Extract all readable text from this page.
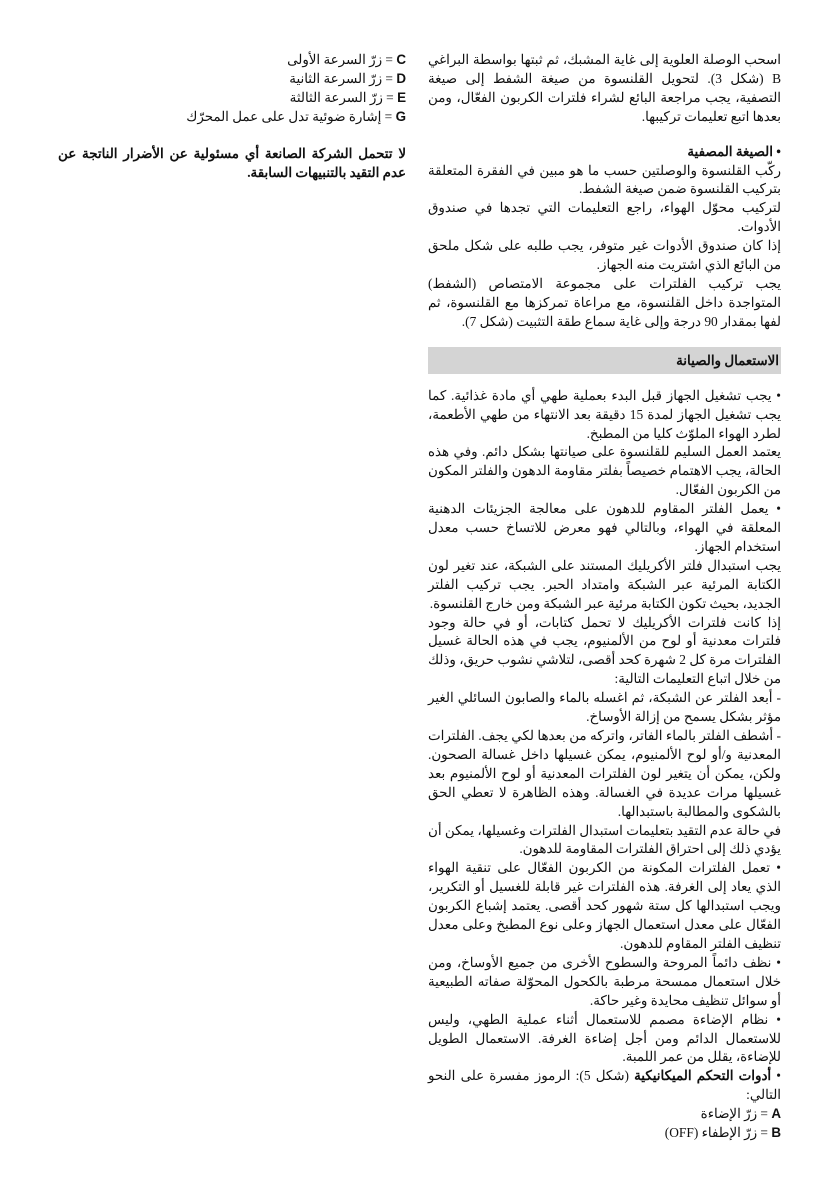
اسحب الوصلة العلوية إلى غاية المشبك، ثم ثبتها بواسطة البراغي B (شكل 3). لتحويل القلنسوة من صيغة الشفط إلى صيغة التصفية، يجب مراجعة البائع لشراء فلترات الكربون الفعّال، ومن بعدها اتبع تعليمات تركيبها.

• الصيغة المصفية

ركّب القلنسوة والوصلتين حسب ما هو مبين في الفقرة المتعلقة بتركيب القلنسوة ضمن صيغة الشفط.

لتركيب محوّل الهواء، راجع التعليمات التي تجدها في صندوق الأدوات.

إذا كان صندوق الأدوات غير متوفر، يجب طلبه على شكل ملحق من البائع الذي اشتريت منه الجهاز.

يجب تركيب الفلترات على مجموعة الامتصاص (الشفط) المتواجدة داخل القلنسوة، مع مراعاة تمركزها مع القلنسوة، ثم لفها بمقدار 90 درجة وإلى غاية سماع طقة التثبيت (شكل 7).

الاستعمال والصيانة

• يجب تشغيل الجهاز قبل البدء بعملية طهي أي مادة غذائية. كما يجب تشغيل الجهاز لمدة 15 دقيقة بعد الانتهاء من طهي الأطعمة، لطرد الهواء الملوّث كليا من المطبخ.

يعتمد العمل السليم للقلنسوة على صيانتها بشكل دائم. وفي هذه الحالة، يجب الاهتمام خصيصاً بفلتر مقاومة الدهون والفلتر المكون من الكربون الفعّال.

• يعمل الفلتر المقاوم للدهون على معالجة الجزيئات الدهنية المعلقة في الهواء، وبالتالي فهو معرض للاتساخ حسب معدل استخدام الجهاز.

يجب استبدال فلتر الأكريليك المستند على الشبكة، عند تغير لون الكتابة المرئية عبر الشبكة وامتداد الحبر. يجب تركيب الفلتر الجديد، بحيث تكون الكتابة مرئية عبر الشبكة ومن خارج القلنسوة.

إذا كانت فلترات الأكريليك لا تحمل كتابات، أو في حالة وجود فلترات معدنية أو لوح من الألمنيوم، يجب في هذه الحالة غسيل الفلترات مرة كل 2 شهرة كحد أقصى، لتلاشي نشوب حريق، وذلك من خلال اتباع التعليمات التالية:

- أبعد الفلتر عن الشبكة، ثم اغسله بالماء والصابون السائلي الغير مؤثر بشكل يسمح من إزالة الأوساخ.

- أشطف الفلتر بالماء الفاتر، واتركه من بعدها لكي يجف. الفلترات المعدنية و/أو لوح الألمنيوم، يمكن غسيلها داخل غسالة الصحون. ولكن، يمكن أن يتغير لون الفلترات المعدنية أو لوح الألمنيوم بعد غسيلها مرات عديدة في الغسالة. وهذه الظاهرة لا تعطي الحق بالشكوى والمطالبة باستبدالها.

في حالة عدم التقيد بتعليمات استبدال الفلترات وغسيلها، يمكن أن يؤدي ذلك إلى احتراق الفلترات المقاومة للدهون.

• تعمل الفلترات المكونة من الكربون الفعّال على تنقية الهواء الذي يعاد إلى الغرفة. هذه الفلترات غير قابلة للغسيل أو التكرير، ويجب استبدالها كل ستة شهور كحد أقصى. يعتمد إشباع الكربون الفعّال على معدل استعمال الجهاز وعلى نوع المطبخ وعلى معدل تنظيف الفلتر المقاوم للدهون.

• نظف دائماً المروحة والسطوح الأخرى من جميع الأوساخ، ومن خلال استعمال ممسحة مرطبة بالكحول المحوّلة صفاته الطبيعية أو سوائل تنظيف محايدة وغير حاكة.

• نظام الإضاءة مصمم للاستعمال أثناء عملية الطهي، وليس للاستعمال الدائم ومن أجل إضاءة الغرفة. الاستعمال الطويل للإضاءة، يقلل من عمر اللمبة.

• أدوات التحكم الميكانيكية (شكل 5): الرموز مفسرة على النحو التالي:

A = زرّ الإضاءة

B = زرّ الإطفاء (OFF)

C = زرّ السرعة الأولى

D = زرّ السرعة الثانية

E = زرّ السرعة الثالثة

G = إشارة ضوئية تدل على عمل المحرّك

لا تتحمل الشركة الصانعة أي مسئولية عن الأضرار الناتجة عن عدم التقيد بالتنبيهات السابقة.
